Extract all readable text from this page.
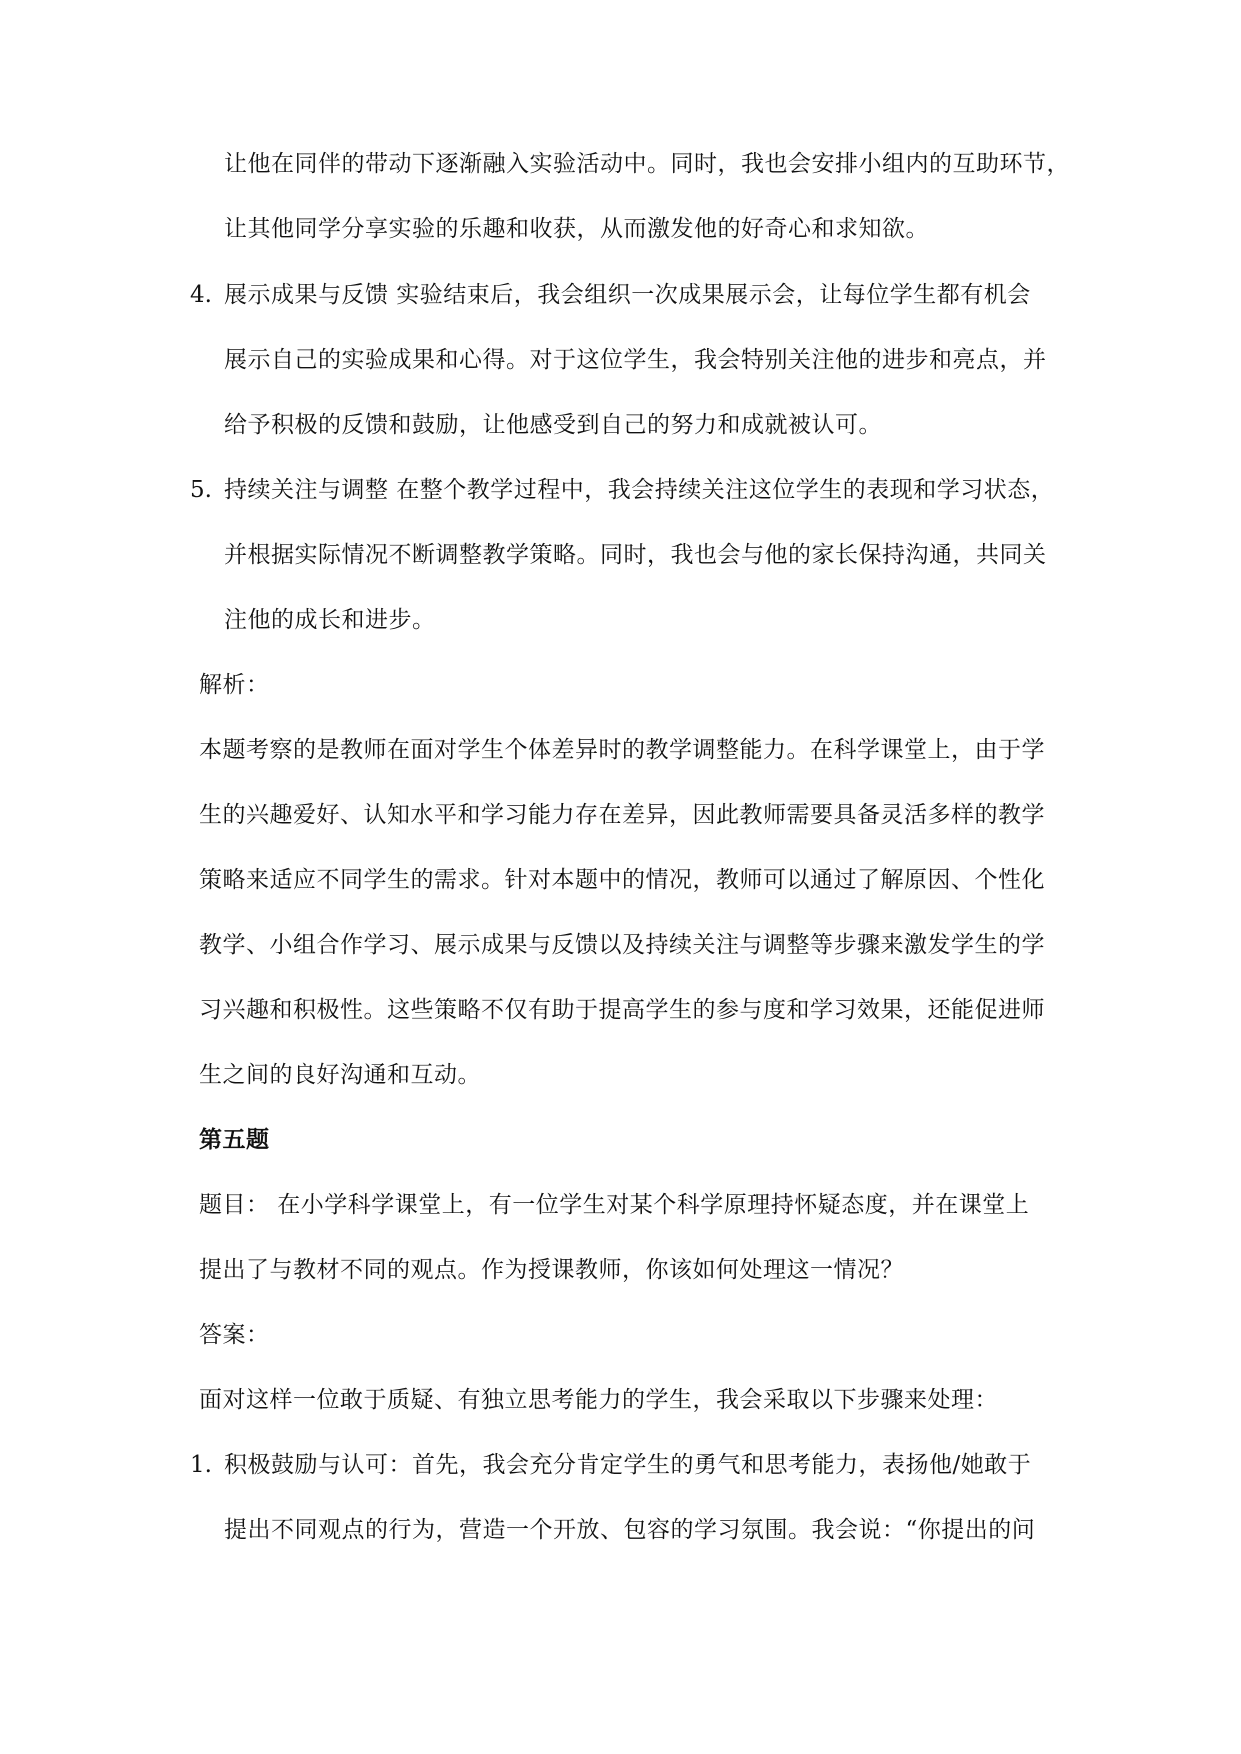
让他在同伴的带动下逐渐融入实验活动中。同时，我也会安排小组内的互助环节，
让其他同学分享实验的乐趣和收获，从而激发他的好奇心和求知欲。
4. 展示成果与反馈 实验结束后，我会组织一次成果展示会，让每位学生都有机会
展示自己的实验成果和心得。对于这位学生，我会特别关注他的进步和亮点，并
给予积极的反馈和鼓励，让他感受到自己的努力和成就被认可。
5. 持续关注与调整 在整个教学过程中，我会持续关注这位学生的表现和学习状态，
并根据实际情况不断调整教学策略。同时，我也会与他的家长保持沟通，共同关
注他的成长和进步。
解析：
本题考察的是教师在面对学生个体差异时的教学调整能力。在科学课堂上，由于学
生的兴趣爱好、认知水平和学习能力存在差异，因此教师需要具备灵活多样的教学
策略来适应不同学生的需求。针对本题中的情况，教师可以通过了解原因、个性化
教学、小组合作学习、展示成果与反馈以及持续关注与调整等步骤来激发学生的学
习兴趣和积极性。这些策略不仅有助于提高学生的参与度和学习效果，还能促进师
生之间的良好沟通和互动。
第五题
题目： 在小学科学课堂上，有一位学生对某个科学原理持怀疑态度，并在课堂上
提出了与教材不同的观点。作为授课教师，你该如何处理这一情况？
答案：
面对这样一位敢于质疑、有独立思考能力的学生，我会采取以下步骤来处理：
1. 积极鼓励与认可：首先，我会充分肯定学生的勇气和思考能力，表扬他/她敢于
提出不同观点的行为，营造一个开放、包容的学习氛围。我会说：“你提出的问
